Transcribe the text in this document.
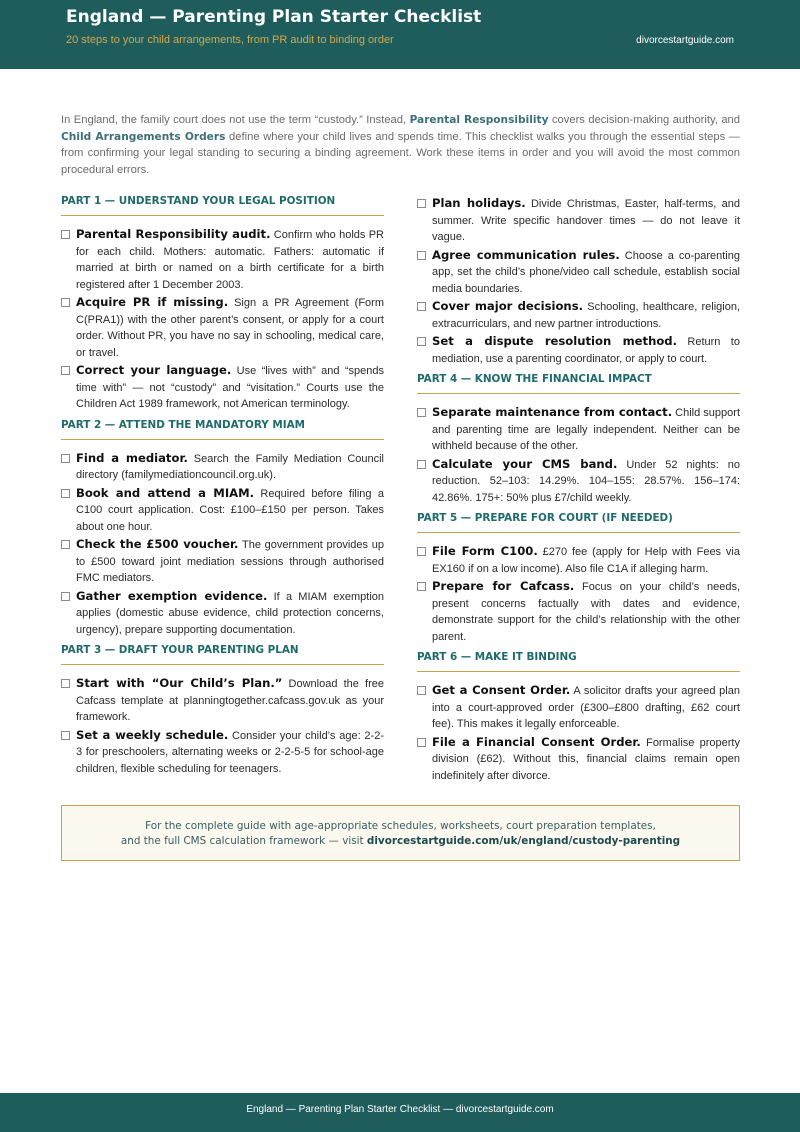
England — Parenting Plan Starter Checklist
20 steps to your child arrangements, from PR audit to binding order	divorcestartguide.com
In England, the family court does not use the term “custody.” Instead, Parental Responsibility covers decision-making authority, and Child Arrangements Orders define where your child lives and spends time. This checklist walks you through the essential steps — from confirming your legal standing to securing a binding agreement. Work these items in order and you will avoid the most common procedural errors.
PART 1 — UNDERSTAND YOUR LEGAL POSITION
Parental Responsibility audit. Confirm who holds PR for each child. Mothers: automatic. Fathers: automatic if married at birth or named on a birth certificate for a birth registered after 1 December 2003.
Acquire PR if missing. Sign a PR Agreement (Form C(PRA1)) with the other parent’s consent, or apply for a court order. Without PR, you have no say in schooling, medical care, or travel.
Correct your language. Use “lives with” and “spends time with” — not “custody” and “visitation.” Courts use the Children Act 1989 framework, not American terminology.
PART 2 — ATTEND THE MANDATORY MIAM
Find a mediator. Search the Family Mediation Council directory (familymediationcouncil.org.uk).
Book and attend a MIAM. Required before filing a C100 court application. Cost: £100–£150 per person. Takes about one hour.
Check the £500 voucher. The government provides up to £500 toward joint mediation sessions through authorised FMC mediators.
Gather exemption evidence. If a MIAM exemption applies (domestic abuse evidence, child protection concerns, urgency), prepare supporting documentation.
PART 3 — DRAFT YOUR PARENTING PLAN
Start with “Our Child’s Plan.” Download the free Cafcass template at planningtogether.cafcass.gov.uk as your framework.
Set a weekly schedule. Consider your child’s age: 2-2-3 for preschoolers, alternating weeks or 2-2-5-5 for school-age children, flexible scheduling for teenagers.
Plan holidays. Divide Christmas, Easter, half-terms, and summer. Write specific handover times — do not leave it vague.
Agree communication rules. Choose a co-parenting app, set the child’s phone/video call schedule, establish social media boundaries.
Cover major decisions. Schooling, healthcare, religion, extracurriculars, and new partner introductions.
Set a dispute resolution method. Return to mediation, use a parenting coordinator, or apply to court.
PART 4 — KNOW THE FINANCIAL IMPACT
Separate maintenance from contact. Child support and parenting time are legally independent. Neither can be withheld because of the other.
Calculate your CMS band. Under 52 nights: no reduction. 52–103: 14.29%. 104–155: 28.57%. 156–174: 42.86%. 175+: 50% plus £7/child weekly.
PART 5 — PREPARE FOR COURT (IF NEEDED)
File Form C100. £270 fee (apply for Help with Fees via EX160 if on a low income). Also file C1A if alleging harm.
Prepare for Cafcass. Focus on your child’s needs, present concerns factually with dates and evidence, demonstrate support for the child’s relationship with the other parent.
PART 6 — MAKE IT BINDING
Get a Consent Order. A solicitor drafts your agreed plan into a court-approved order (£300–£800 drafting, £62 court fee). This makes it legally enforceable.
File a Financial Consent Order. Formalise property division (£62). Without this, financial claims remain open indefinitely after divorce.
For the complete guide with age-appropriate schedules, worksheets, court preparation templates,
and the full CMS calculation framework — visit divorcestartguide.com/uk/england/custody-parenting
England — Parenting Plan Starter Checklist — divorcestartguide.com
